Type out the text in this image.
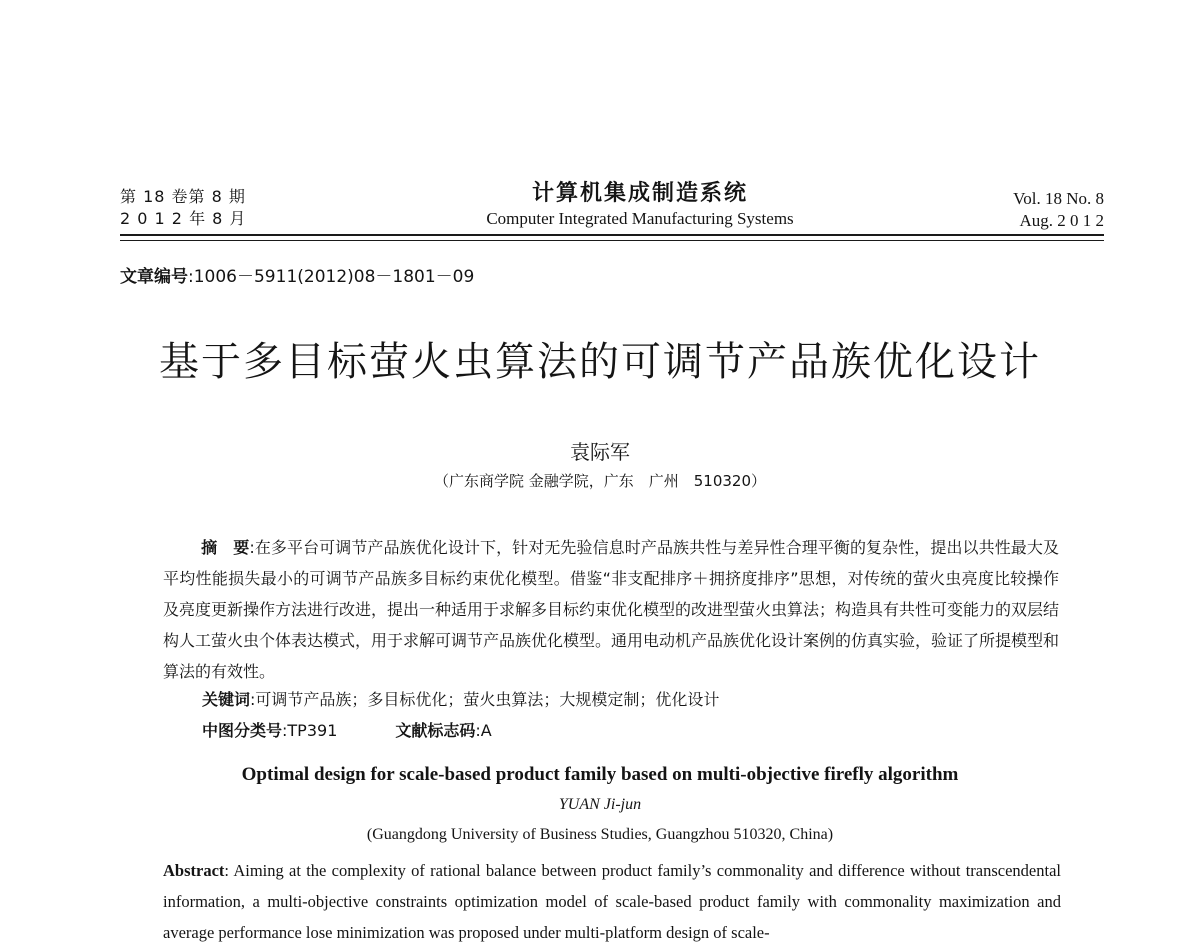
第 18 卷第 8 期
2 0 1 2 年 8 月
计算机集成制造系统
Computer Integrated Manufacturing Systems
Vol. 18 No. 8
Aug. 2 0 1 2
文章编号:1006－5911(2012)08－1801－09
基于多目标萤火虫算法的可调节产品族优化设计
袁际军
（广东商学院 金融学院，广东　广州　510320）

摘　要:在多平台可调节产品族优化设计下，针对无先验信息时产品族共性与差异性合理平衡的复杂性，提出以共性最大及平均性能损失最小的可调节产品族多目标约束优化模型。借鉴“非支配排序＋拥挤度排序”思想，对传统的萤火虫亮度比较操作及亮度更新操作方法进行改进，提出一种适用于求解多目标约束优化模型的改进型萤火虫算法；构造具有共性可变能力的双层结构人工萤火虫个体表达模式，用于求解可调节产品族优化模型。通用电动机产品族优化设计案例的仿真实验，验证了所提模型和算法的有效性。

关键词:可调节产品族；多目标优化；萤火虫算法；大规模定制；优化设计
中图分类号:TP391	文献标志码:A
Optimal design for scale-based product family based on multi-objective firefly algorithm
YUAN Ji-jun
(Guangdong University of Business Studies, Guangzhou 510320, China)

Abstract: Aiming at the complexity of rational balance between product family’s commonality and difference without transcendental information, a multi-objective constraints optimization model of scale-based product family with commonality maximization and average performance lose minimization was proposed under multi-platform design of scale-
